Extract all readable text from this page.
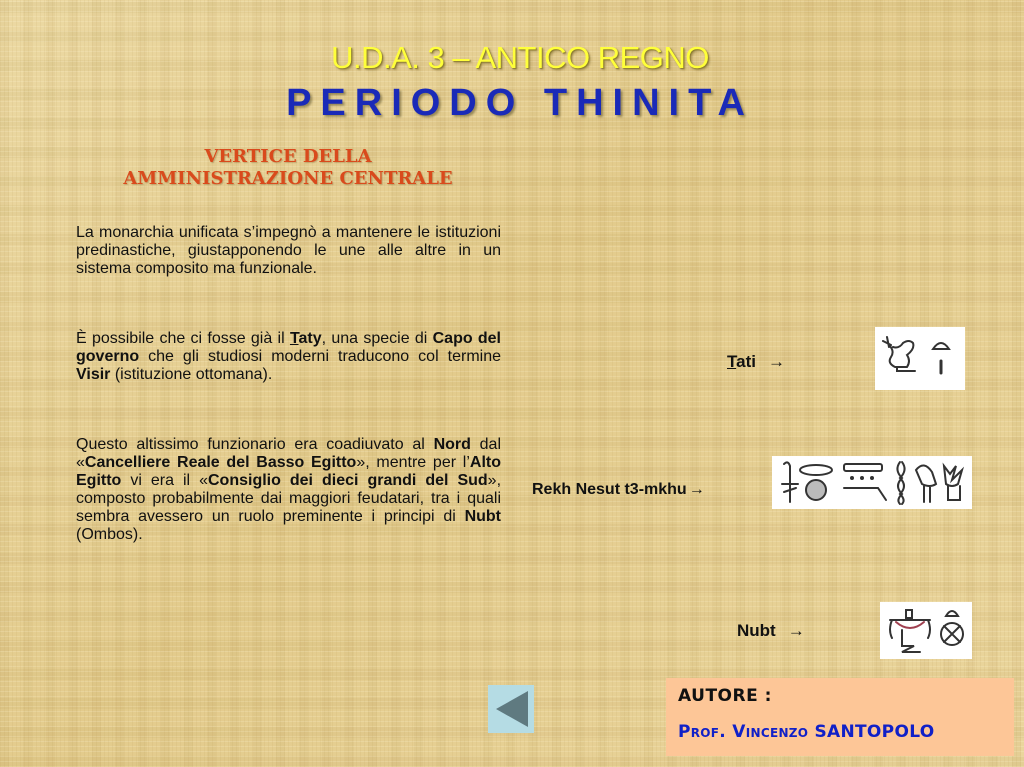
U.D.A. 3 – ANTICO REGNO
PERIODO THINITA
VERTICE DELLA
AMMINISTRAZIONE CENTRALE
La monarchia unificata s’impegnò a mantenere le istituzioni predinastiche, giustapponendo le une alle altre in un sistema composito ma funzionale.
È possibile che ci fosse già il Taty, una specie di Capo del governo che gli studiosi moderni traducono col termine Visir (istituzione ottomana).
Questo altissimo funzionario era coadiuvato al Nord dal «Cancelliere Reale del Basso Egitto», mentre per l’Alto Egitto vi era il «Consiglio dei dieci grandi del Sud», composto probabilmente dai maggiori feudatari, tra i quali sembra avessero un ruolo preminente i principi di Nubt (Ombos).
Tati →
Rekh Nesut t3-mkhu →
Nubt →
AUTORE :
Prof. Vincenzo SANTOPOLO
